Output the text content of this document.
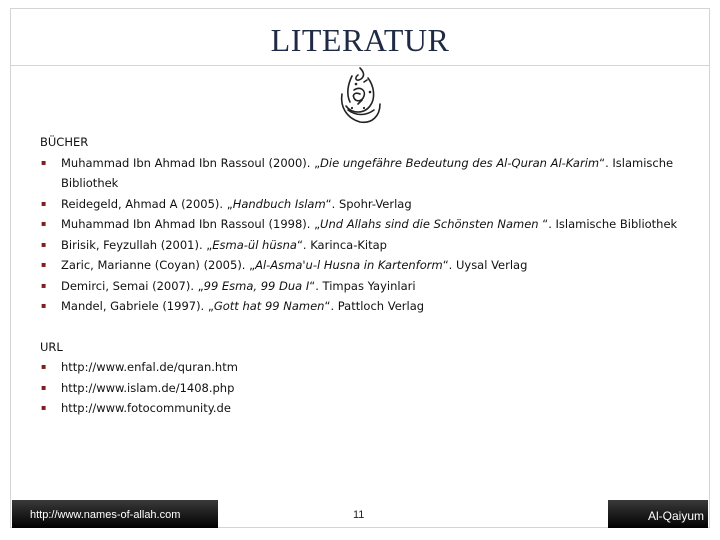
LITERATUR
BÜCHER
▪ Muhammad Ibn Ahmad Ibn Rassoul (2000). „Die ungefähre Bedeutung des Al-Quran Al-Karim“. Islamische Bibliothek
▪ Reidegeld, Ahmad A (2005). „Handbuch Islam“. Spohr-Verlag
▪ Muhammad Ibn Ahmad Ibn Rassoul (1998). „Und Allahs sind die Schönsten Namen “. Islamische Bibliothek
▪ Birisik, Feyzullah (2001). „Esma-ül hüsna“. Karinca-Kitap
▪ Zaric, Marianne (Coyan) (2005). „Al-Asma'u-l Husna in Kartenform“. Uysal Verlag
▪ Demirci, Semai (2007). „99 Esma, 99 Dua I“. Timpas Yayinlari
▪ Mandel, Gabriele (1997). „Gott hat 99 Namen“. Pattloch Verlag
URL
▪ http://www.enfal.de/quran.htm
▪ http://www.islam.de/1408.php
▪ http://www.fotocommunity.de
http://www.names-of-allah.com	11	Al-Qaiyum
